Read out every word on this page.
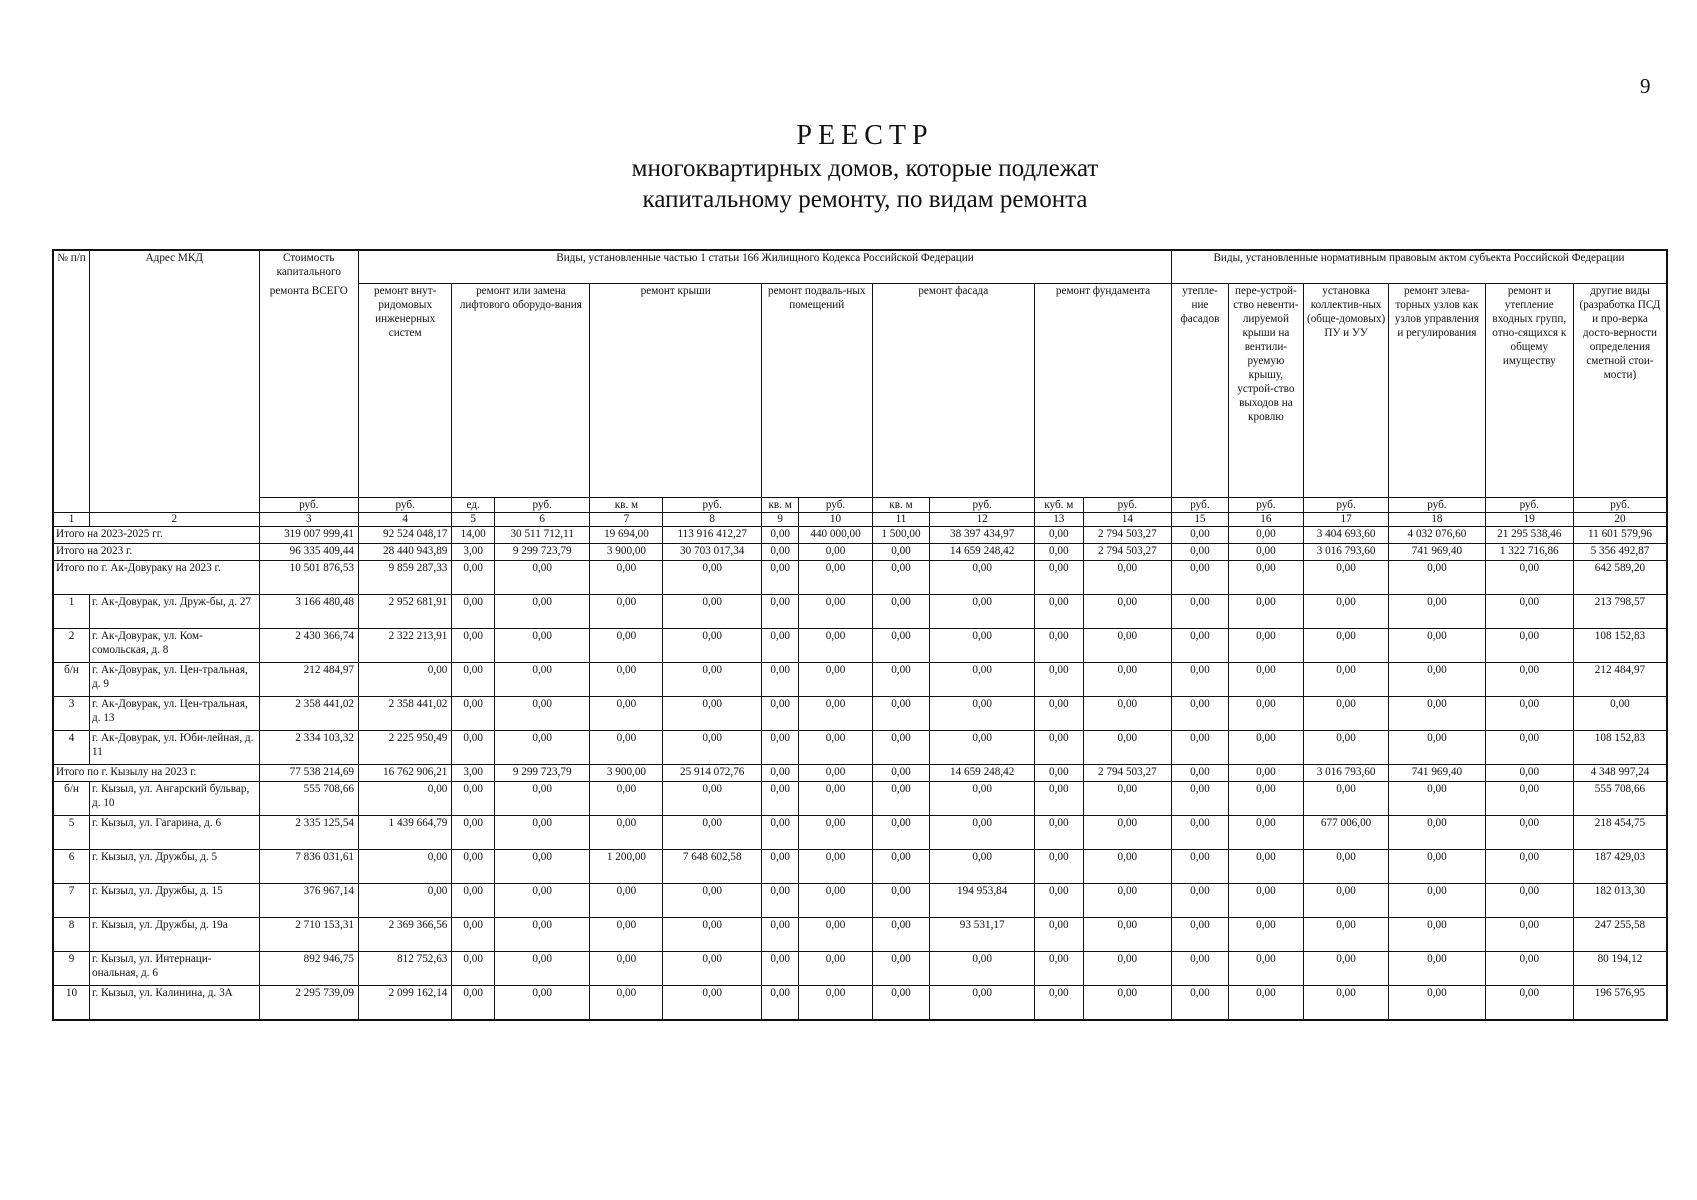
9
РЕЕСТР
многоквартирных домов, которые подлежат
капитальному ремонту, по видам ремонта
№ п/п	Адрес МКД	Стоимость капитального	Виды, установленные частью 1 статьи 166 Жилищного Кодекса Российской Федерации											Виды, установленные нормативным правовым актом субъекта Российской Федерации					
		ремонта ВСЕГО	ремонт внут-ридомовых инженерных систем	ремонт или замена лифтового оборудо-вания		ремонт крыши		ремонт подваль-ных помещений		ремонт фасада		ремонт фундамента		утепле-ние фасадов	пере-устрой-ство невенти-лируемой крыши на вентили-руемую крышу, устрой-ство выходов на кровлю	установка коллектив-ных (обще-домовых) ПУ и УУ	ремонт элева-торных узлов как узлов управления и регулирования	ремонт и утепление входных групп, отно-сящихся к общему имуществу	другие виды (разработка ПСД и про-верка досто-верности определения сметной стои-мости)
		руб.	руб.	ед.	руб.	кв. м	руб.	кв. м	руб.	кв. м	руб.	куб. м	руб.	руб.	руб.	руб.	руб.	руб.	руб.
1	2	3	4	5	6	7	8	9	10	11	12	13	14	15	16	17	18	19	20
Итого на 2023-2025 гг.		319 007 999,41	92 524 048,17	14,00	30 511 712,11	19 694,00	113 916 412,27	0,00	440 000,00	1 500,00	38 397 434,97	0,00	2 794 503,27	0,00	0,00	3 404 693,60	4 032 076,60	21 295 538,46	11 601 579,96
Итого на 2023 г.		96 335 409,44	28 440 943,89	3,00	9 299 723,79	3 900,00	30 703 017,34	0,00	0,00	0,00	14 659 248,42	0,00	2 794 503,27	0,00	0,00	3 016 793,60	741 969,40	1 322 716,86	5 356 492,87
Итого по г. Ак-Довураку на 2023 г.		10 501 876,53	9 859 287,33	0,00	0,00	0,00	0,00	0,00	0,00	0,00	0,00	0,00	0,00	0,00	0,00	0,00	0,00	0,00	642 589,20
1	г. Ак-Довурак, ул. Друж-бы, д. 27	3 166 480,48	2 952 681,91	0,00	0,00	0,00	0,00	0,00	0,00	0,00	0,00	0,00	0,00	0,00	0,00	0,00	0,00	0,00	213 798,57
2	г. Ак-Довурак, ул. Ком-сомольская, д. 8	2 430 366,74	2 322 213,91	0,00	0,00	0,00	0,00	0,00	0,00	0,00	0,00	0,00	0,00	0,00	0,00	0,00	0,00	0,00	108 152,83
б/н	г. Ак-Довурак, ул. Цен-тральная, д. 9	212 484,97	0,00	0,00	0,00	0,00	0,00	0,00	0,00	0,00	0,00	0,00	0,00	0,00	0,00	0,00	0,00	0,00	212 484,97
3	г. Ак-Довурак, ул. Цен-тральная, д. 13	2 358 441,02	2 358 441,02	0,00	0,00	0,00	0,00	0,00	0,00	0,00	0,00	0,00	0,00	0,00	0,00	0,00	0,00	0,00	0,00
4	г. Ак-Довурак, ул. Юби-лейная, д. 11	2 334 103,32	2 225 950,49	0,00	0,00	0,00	0,00	0,00	0,00	0,00	0,00	0,00	0,00	0,00	0,00	0,00	0,00	0,00	108 152,83
Итого по г. Кызылу на 2023 г.		77 538 214,69	16 762 906,21	3,00	9 299 723,79	3 900,00	25 914 072,76	0,00	0,00	0,00	14 659 248,42	0,00	2 794 503,27	0,00	0,00	3 016 793,60	741 969,40	0,00	4 348 997,24
б/н	г. Кызыл, ул. Ангарский бульвар, д. 10	555 708,66	0,00	0,00	0,00	0,00	0,00	0,00	0,00	0,00	0,00	0,00	0,00	0,00	0,00	0,00	0,00	0,00	555 708,66
5	г. Кызыл, ул. Гагарина, д. 6	2 335 125,54	1 439 664,79	0,00	0,00	0,00	0,00	0,00	0,00	0,00	0,00	0,00	0,00	0,00	0,00	677 006,00	0,00	0,00	218 454,75
6	г. Кызыл, ул. Дружбы, д. 5	7 836 031,61	0,00	0,00	0,00	1 200,00	7 648 602,58	0,00	0,00	0,00	0,00	0,00	0,00	0,00	0,00	0,00	0,00	0,00	187 429,03
7	г. Кызыл, ул. Дружбы, д. 15	376 967,14	0,00	0,00	0,00	0,00	0,00	0,00	0,00	0,00	194 953,84	0,00	0,00	0,00	0,00	0,00	0,00	0,00	182 013,30
8	г. Кызыл, ул. Дружбы, д. 19а	2 710 153,31	2 369 366,56	0,00	0,00	0,00	0,00	0,00	0,00	0,00	93 531,17	0,00	0,00	0,00	0,00	0,00	0,00	0,00	247 255,58
9	г. Кызыл, ул. Интернаци-ональная, д. 6	892 946,75	812 752,63	0,00	0,00	0,00	0,00	0,00	0,00	0,00	0,00	0,00	0,00	0,00	0,00	0,00	0,00	0,00	80 194,12
10	г. Кызыл, ул. Калинина, д. 3А	2 295 739,09	2 099 162,14	0,00	0,00	0,00	0,00	0,00	0,00	0,00	0,00	0,00	0,00	0,00	0,00	0,00	0,00	0,00	196 576,95
